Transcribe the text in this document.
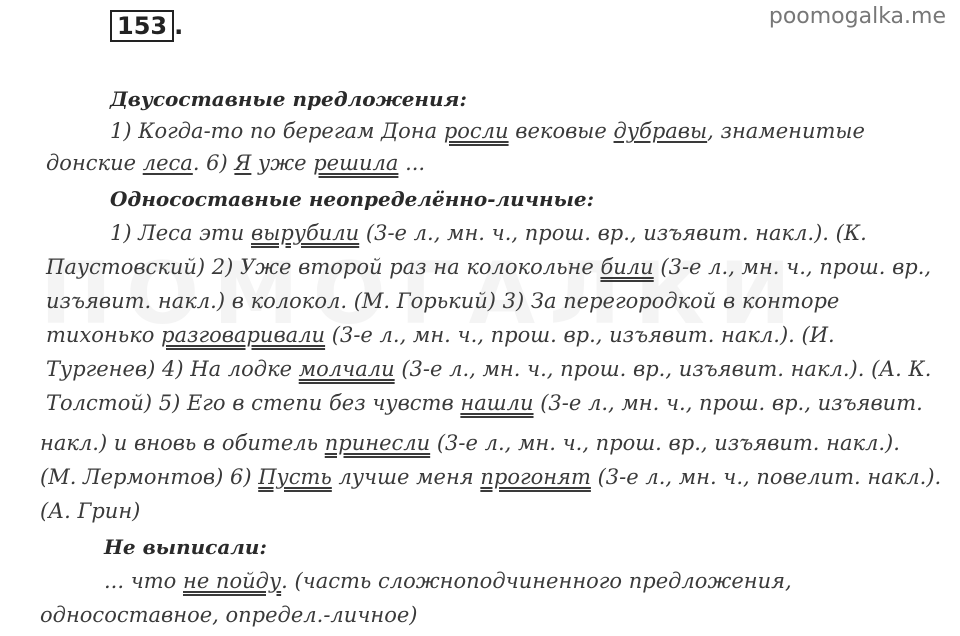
153 .	poomogalka.me
Двусоставные предложения:
1) Когда-то по берегам Дона росли вековые дубравы, знаменитые
донские леса. 6) Я уже решила ...
Односоставные неопределённо-личные:
1) Леса эти вырубили (3-е л., мн. ч., прош. вр., изъявит. накл.). (К.
Паустовский) 2) Уже второй раз на колокольне били (3-е л., мн. ч., прош. вр.,
изъявит. накл.) в колокол. (М. Горький) 3) За перегородкой в конторе
тихонько разговаривали (3-е л., мн. ч., прош. вр., изъявит. накл.). (И.
Тургенев) 4) На лодке молчали (3-е л., мн. ч., прош. вр., изъявит. накл.). (А. К.
Толстой) 5) Его в степи без чувств нашли (3-е л., мн. ч., прош. вр., изъявит.
накл.) и вновь в обитель принесли (3-е л., мн. ч., прош. вр., изъявит. накл.).
(М. Лермонтов) 6) Пусть лучше меня прогонят (3-е л., мн. ч., повелит. накл.).
(А. Грин)
Не выписали:
... что не пойду. (часть сложноподчиненного предложения,
односоставное, определ.-личное)
